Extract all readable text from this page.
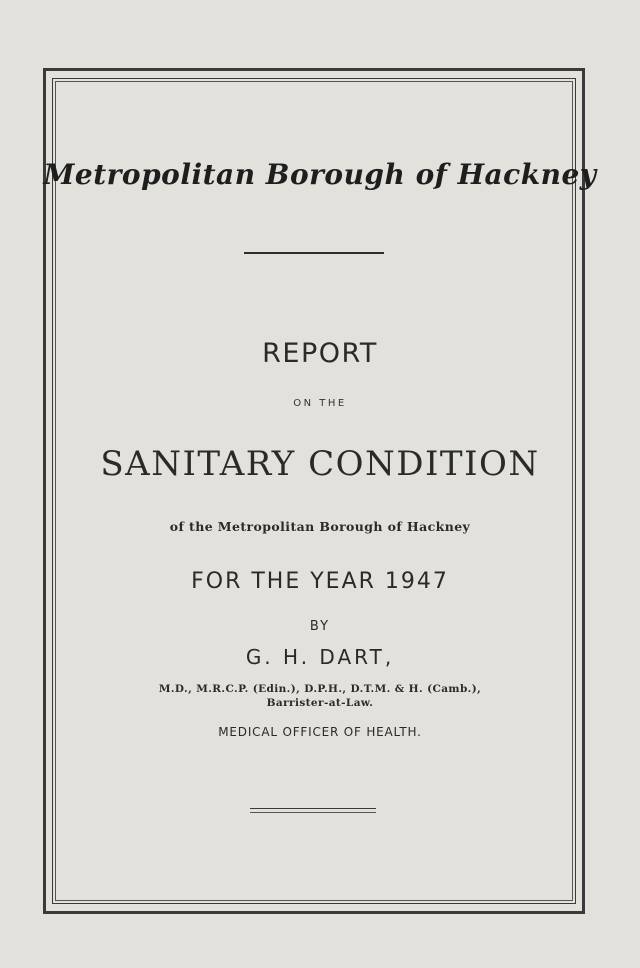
Metropolitan Borough of Hackney
REPORT
ON THE
SANITARY CONDITION
of the Metropolitan Borough of Hackney
FOR THE YEAR 1947
BY
G. H. DART,
M.D., M.R.C.P. (Edin.), D.P.H., D.T.M. & H. (Camb.),
Barrister-at-Law.
MEDICAL OFFICER OF HEALTH.
